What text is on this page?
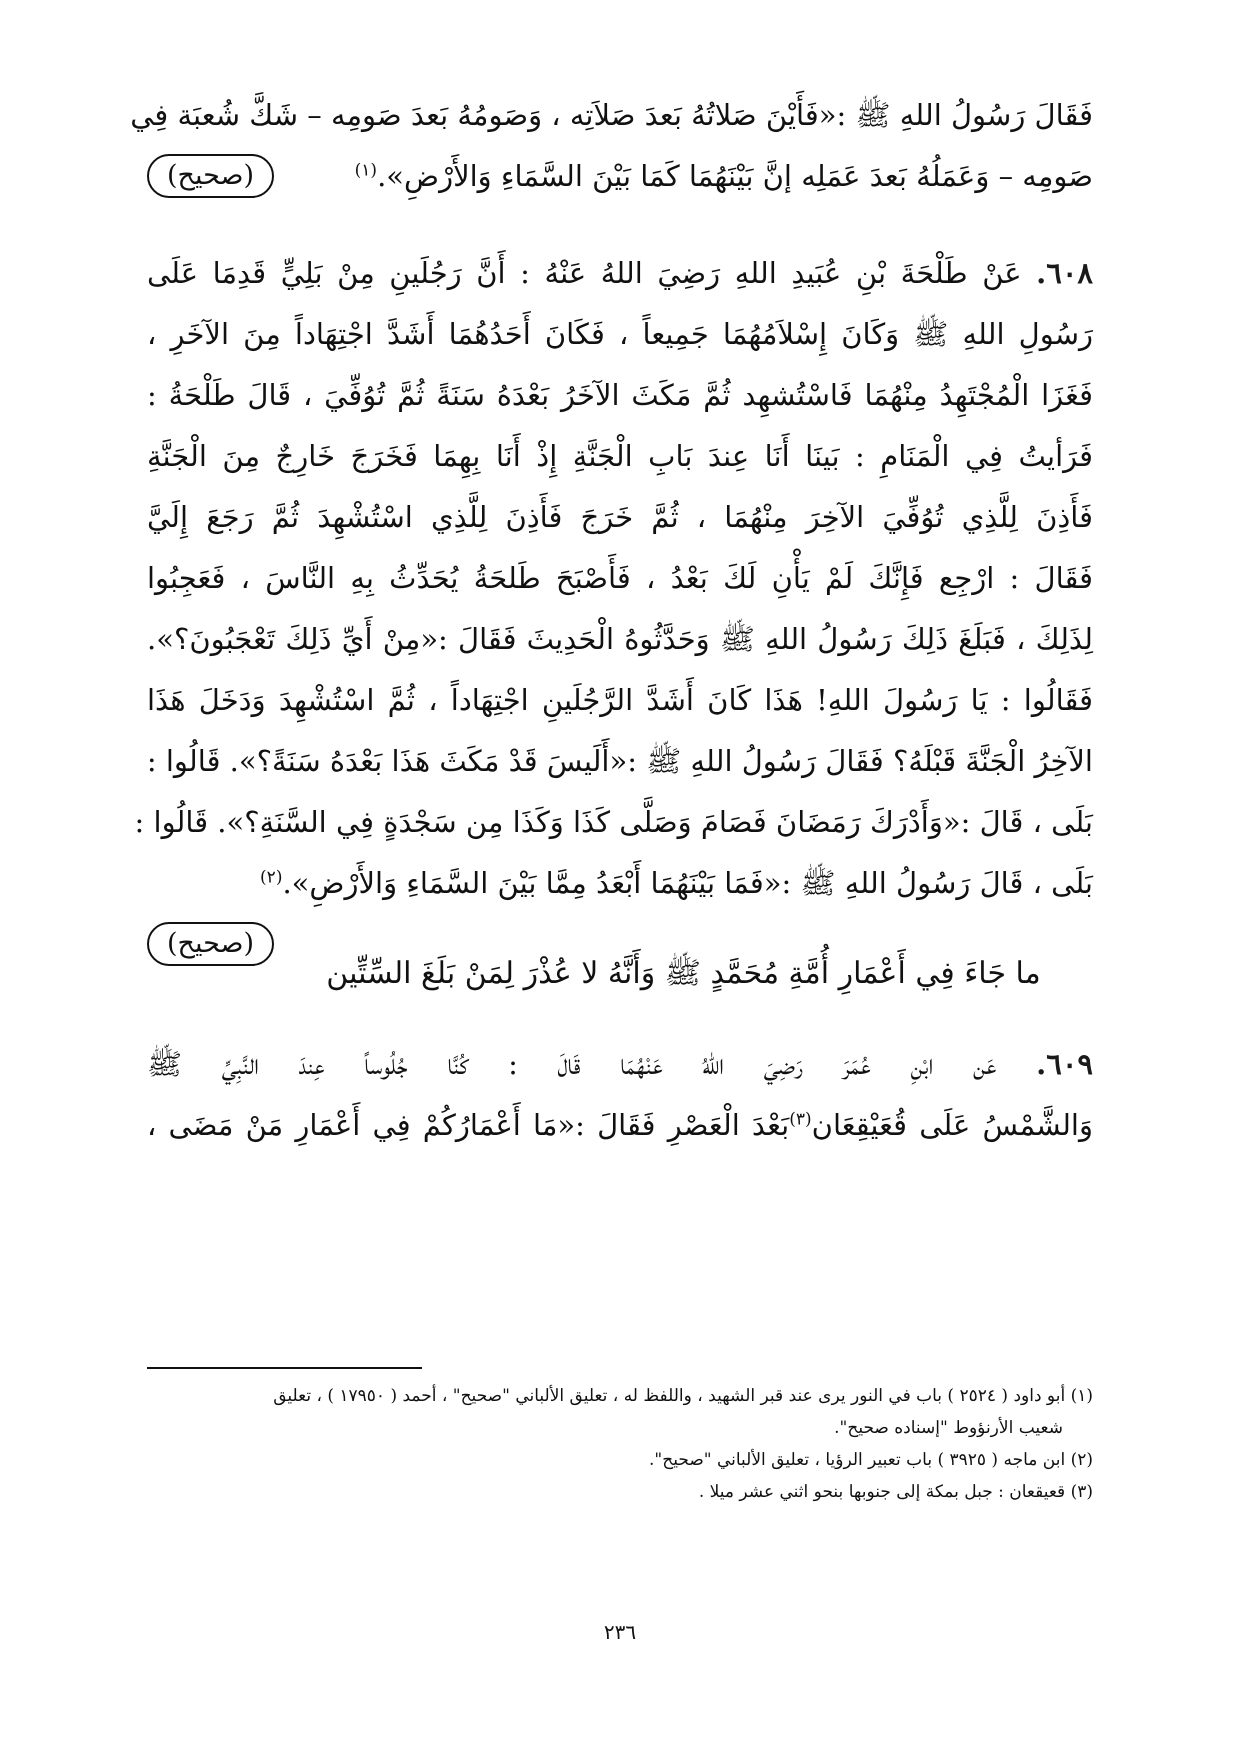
فَقَالَ رَسُولُ اللهِ ﷺ :«فَأَيْنَ صَلاتُهُ بَعدَ صَلاَتِه ، وَصَومُهُ بَعدَ صَومِه – شَكَّ شُعبَة فِي
صَومِه – وَعَمَلُهُ بَعدَ عَمَلِه إنَّ بَيْنَهُمَا كَمَا بَيْنَ السَّمَاءِ وَالأَرْضِ».$^{(١)}$
(صحيح)
٦٠٨. عَنْ طَلْحَةَ بْنِ عُبَيدِ اللهِ رَضِيَ اللهُ عَنْهُ : أَنَّ رَجُلَينِ مِنْ بَلِيٍّ قَدِمَا عَلَى
رَسُولِ اللهِ ﷺ وَكَانَ إِسْلاَمُهُمَا جَمِيعاً ، فَكَانَ أَحَدُهُمَا أَشَدَّ اجْتِهَاداً مِنَ الآخَرِ ،
فَغَزَا الْمُجْتَهِدُ مِنْهُمَا فَاسْتُشهِد ثُمَّ مَكَثَ الآخَرُ بَعْدَهُ سَنَةً ثُمَّ تُوُفِّيَ ، قَالَ طَلْحَةُ :
فَرَأيتُ فِي الْمَنَامِ : بَينَا أَنَا عِندَ بَابِ الْجَنَّةِ إِذْ أَنَا بِهِمَا فَخَرَجَ خَارِجٌ مِنَ الْجَنَّةِ
فَأَذِنَ لِلَّذِي تُوُفِّيَ الآخِرَ مِنْهُمَا ، ثُمَّ خَرَجَ فَأَذِنَ لِلَّذِي اسْتُشْهِدَ ثُمَّ رَجَعَ إِلَيَّ
فَقَالَ : ارْجِع فَإِنَّكَ لَمْ يَأْنِ لَكَ بَعْدُ ، فَأَصْبَحَ طَلحَةُ يُحَدِّثُ بِهِ النَّاسَ ، فَعَجِبُوا
لِذَلِكَ ، فَبَلَغَ ذَلِكَ رَسُولُ اللهِ ﷺ وَحَدَّثُوهُ الْحَدِيثَ فَقَالَ :«مِنْ أَيِّ ذَلِكَ تَعْجَبُونَ؟».
فَقَالُوا : يَا رَسُولَ اللهِ! هَذَا كَانَ أَشَدَّ الرَّجُلَينِ اجْتِهَاداً ، ثُمَّ اسْتُشْهِدَ وَدَخَلَ هَذَا
الآخِرُ الْجَنَّةَ قَبْلَهُ؟ فَقَالَ رَسُولُ اللهِ ﷺ :«أَلَيسَ قَدْ مَكَثَ هَذَا بَعْدَهُ سَنَةً؟». قَالُوا :
بَلَى ، قَالَ :«وَأَدْرَكَ رَمَضَانَ فَصَامَ وَصَلَّى كَذَا وَكَذَا مِن سَجْدَةٍ فِي السَّنَةِ؟». قَالُوا :
بَلَى ، قَالَ رَسُولُ اللهِ ﷺ :«فَمَا بَيْنَهُمَا أَبْعَدُ مِمَّا بَيْنَ السَّمَاءِ وَالأَرْضِ».$^{(٢)}$
(صحيح)
ما جَاءَ فِي أَعْمَارِ أُمَّةِ مُحَمَّدٍ ﷺ وَأَنَّهُ لا عُذْرَ لِمَنْ بَلَغَ السِّتِّين
٦٠٩. عَن ابْنِ عُمَرَ رَضِيَ اللهُ عَنْهُمَا قَالَ : كُنَّا جُلُوساً عِندَ النَّبِيِّ ﷺ
وَالشَّمْسُ عَلَى قُعَيْقِعَان$^{(٣)}$بَعْدَ الْعَصْرِ فَقَالَ :«مَا أَعْمَارُكُمْ فِي أَعْمَارِ مَنْ مَضَى ،
(١) أبو داود ( ٢٥٢٤ ) باب في النور يرى عند قبر الشهيد ، واللفظ له ، تعليق الألباني "صحيح" ، أحمد ( ١٧٩٥٠ ) ، تعليق
شعيب الأرنؤوط "إسناده صحيح".
(٢) ابن ماجه ( ٣٩٢٥ ) باب تعبير الرؤيا ، تعليق الألباني "صحيح".
(٣) قعيقعان : جبل بمكة إلى جنوبها بنحو اثني عشر ميلا .
٢٣٦
